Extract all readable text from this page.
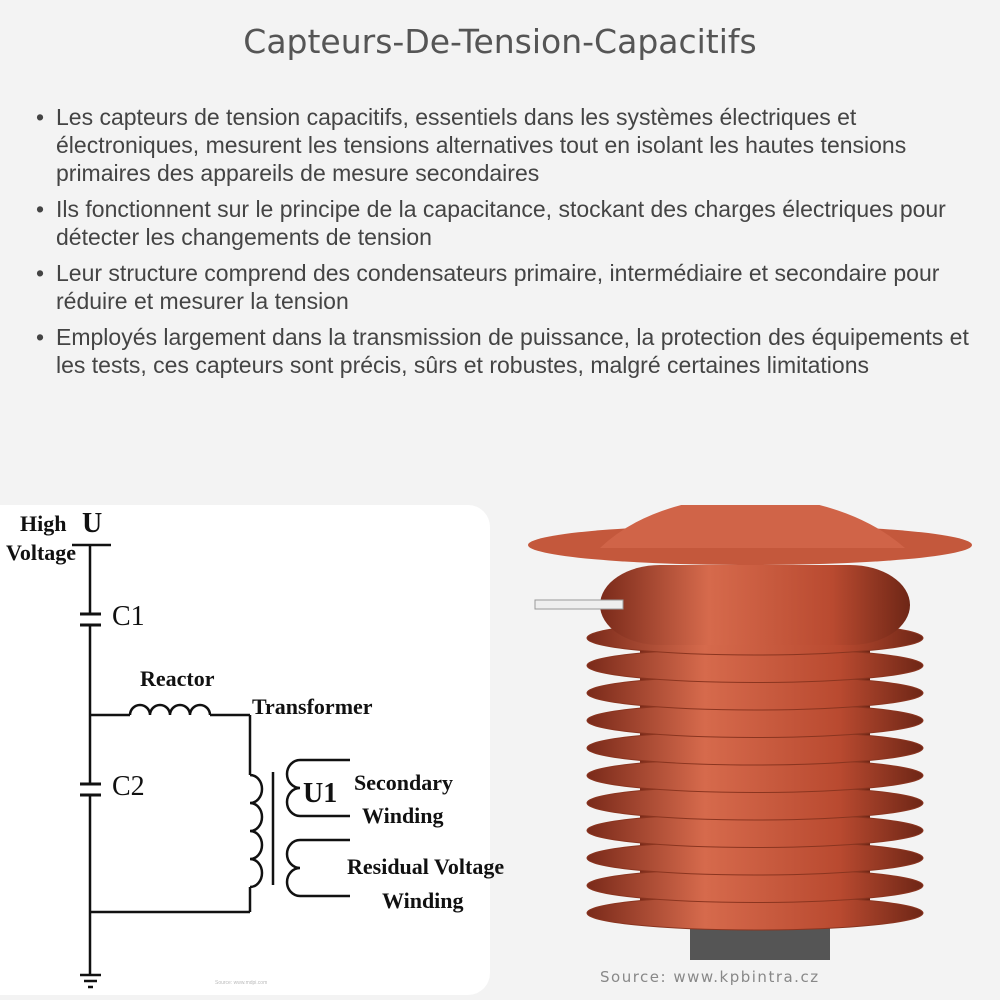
Capteurs-De-Tension-Capacitifs
• Les capteurs de tension capacitifs, essentiels dans les systèmes électriques et électroniques, mesurent les tensions alternatives tout en isolant les hautes tensions primaires des appareils de mesure secondaires
• Ils fonctionnent sur le principe de la capacitance, stockant des charges électriques pour détecter les changements de tension
• Leur structure comprend des condensateurs primaire, intermédiaire et secondaire pour réduire et mesurer la tension
• Employés largement dans la transmission de puissance, la protection des équipements et les tests, ces capteurs sont précis, sûrs et robustes, malgré certaines limitations
High
Voltage
U
C1
C2
Reactor
Transformer
U1 Secondary
Winding
Residual Voltage
Winding
Source: www.mdpi.com	Source: www.kpbintra.cz
